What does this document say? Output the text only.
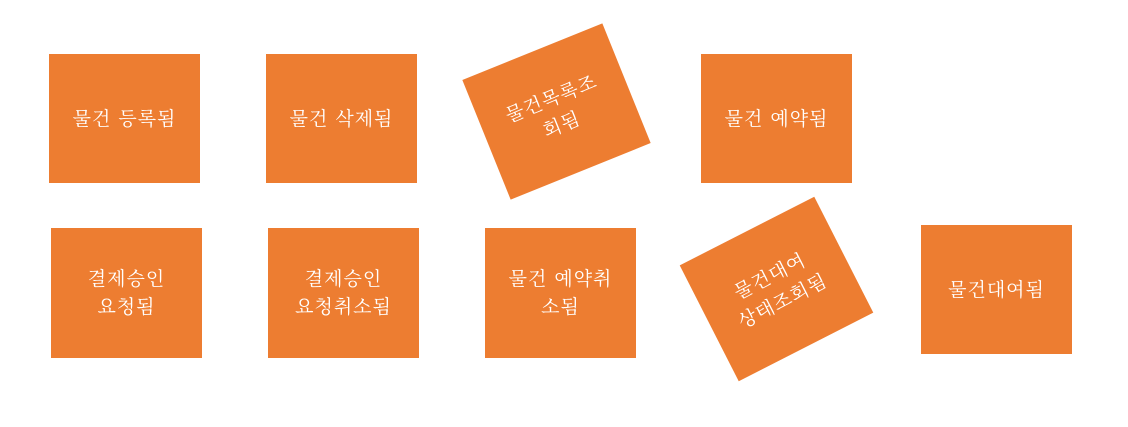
물건 등록됨	물건 삭제됨	물건목록조
회됨	물건 예약됨
결제승인
요청됨
결제승인
요청취소됨
물건 예약취
소됨
물건대여
상태조회됨	물건대여됨
